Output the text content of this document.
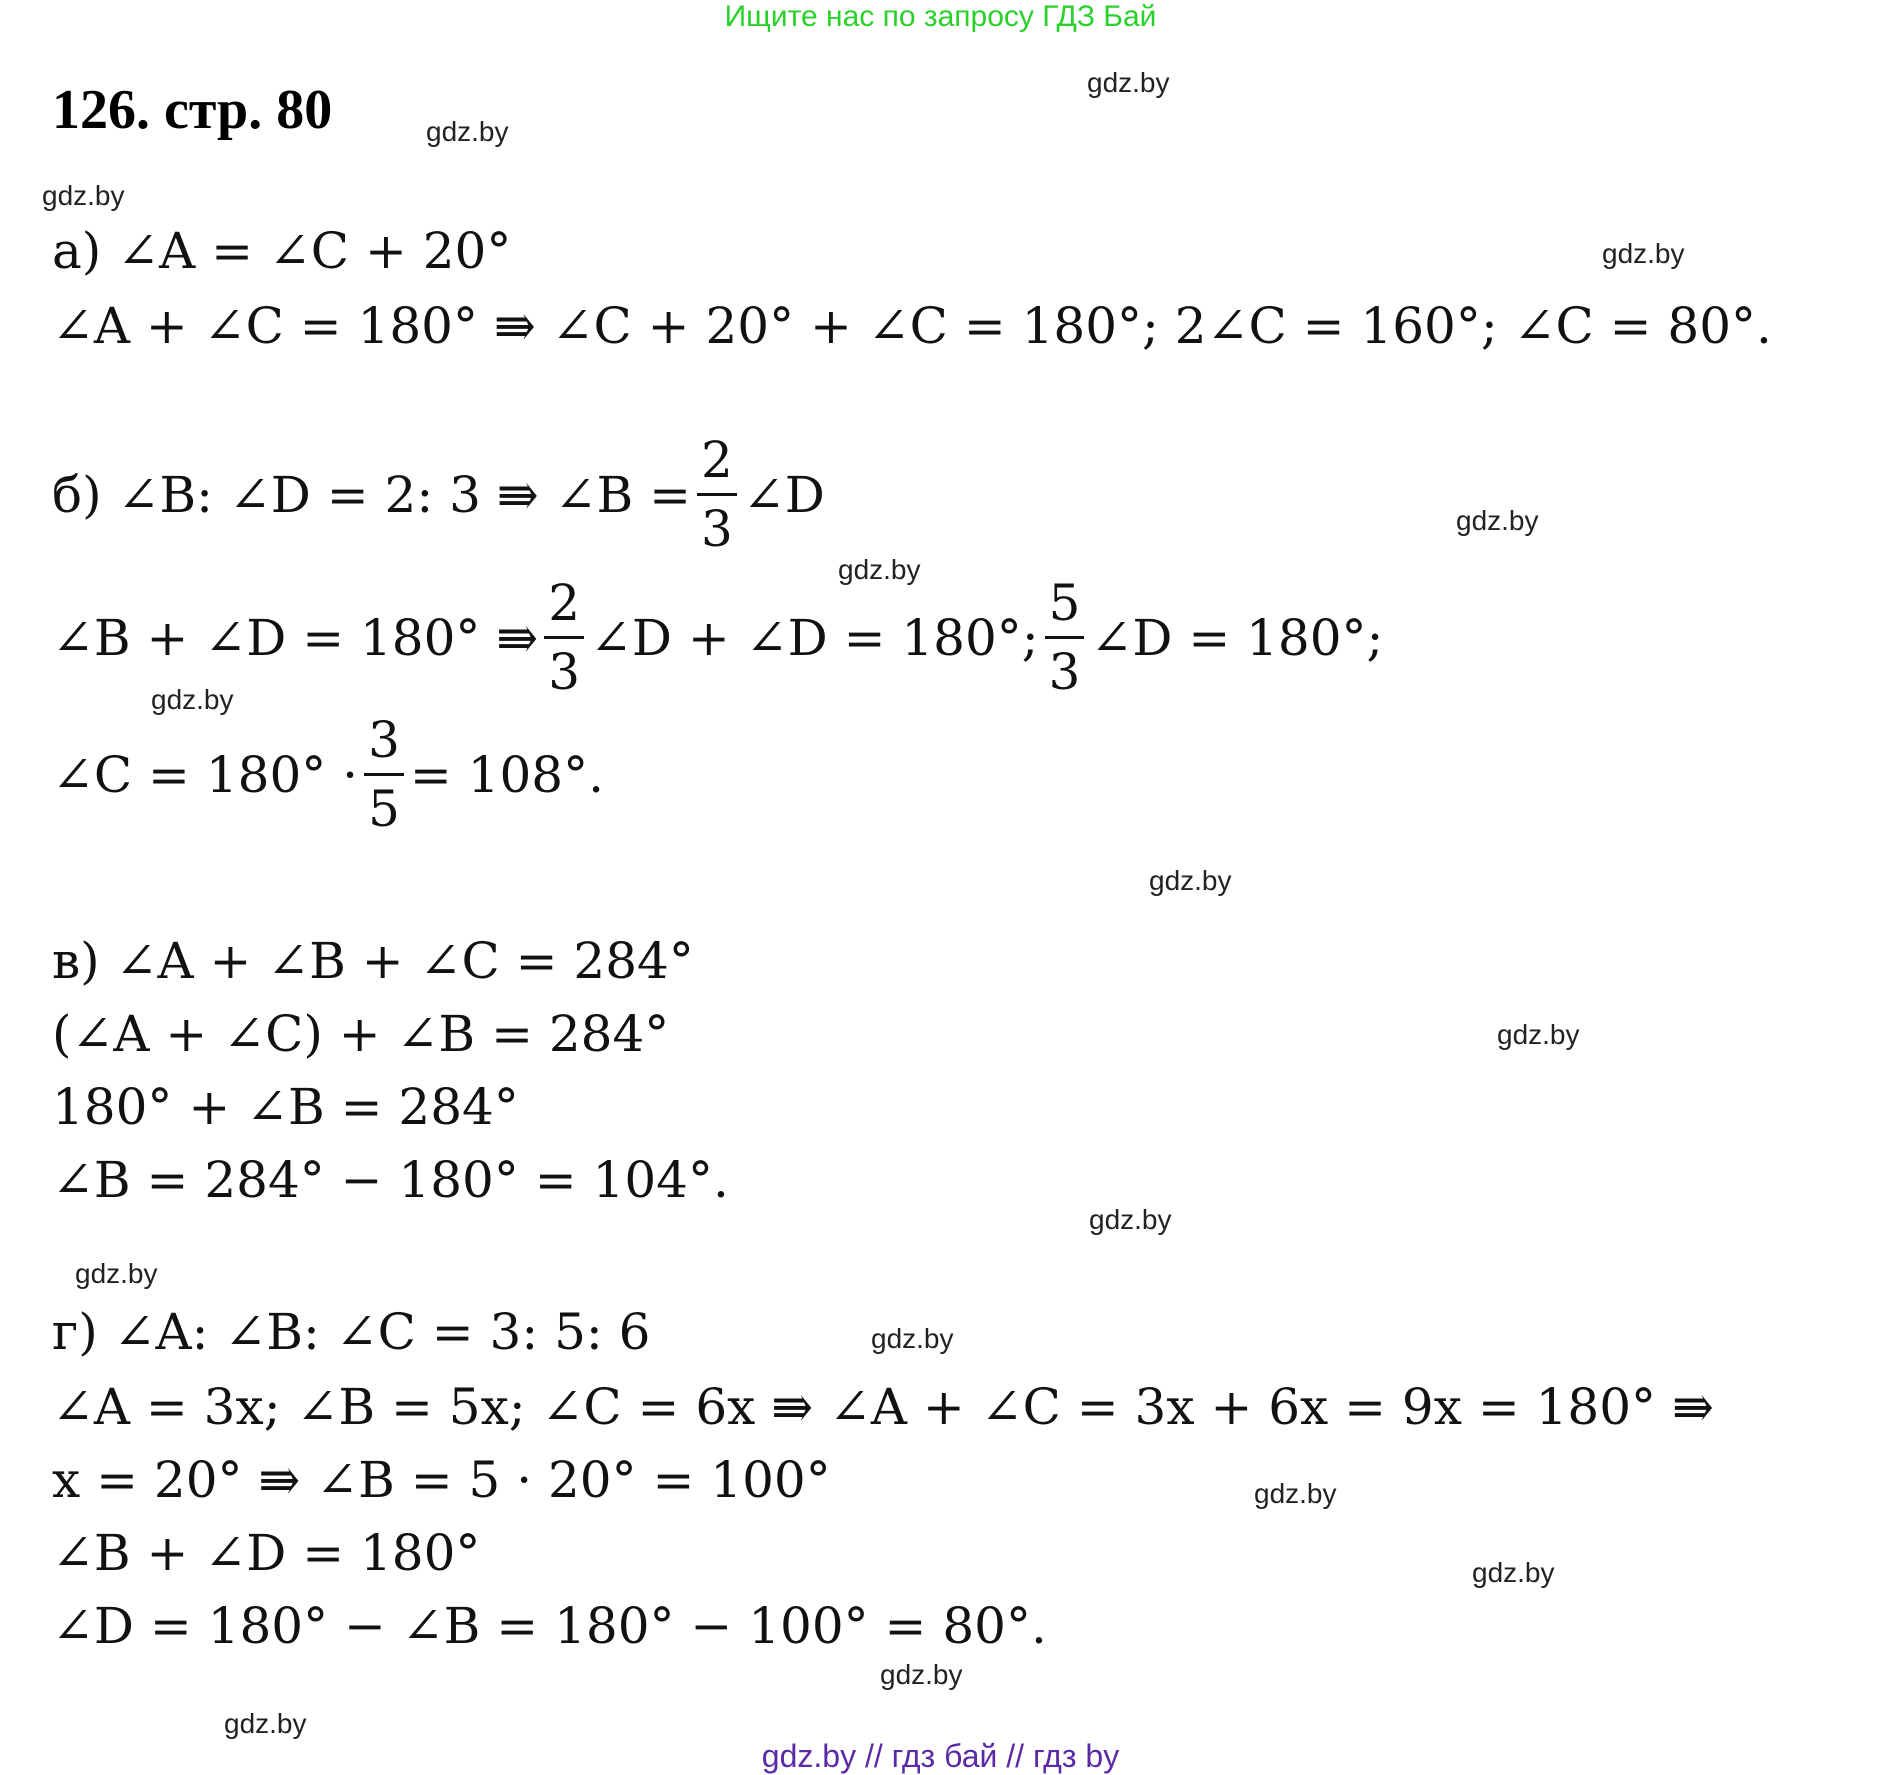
Ищите нас по запросу ГДЗ Бай
126. стр. 80	gdz.by
gdz.by
gdz.by
gdz.by
gdz.by
gdz.by
gdz.by
gdz.by
gdz.by
gdz.by
gdz.by
gdz.by
gdz.by
gdz.by
gdz.by
gdz.by
а) ∠A = ∠C + 20°
∠A + ∠C = 180° ⇛ ∠C + 20° + ∠C = 180°; 2∠C = 160°; ∠C = 80°.
б) ∠B: ∠D = 2: 3 ⇛ ∠B = $\frac{2}{3}$ ∠D
∠B + ∠D = 180° ⇛ $\frac{2}{3}$ ∠D + ∠D = 180°; $\frac{5}{3}$ ∠D = 180°;
∠C = $180^\circ \cdot \frac{3}{5} = 108^\circ$.
в) ∠A + ∠B + ∠C = 284°
(∠A + ∠C) + ∠B = 284°
180° + ∠B = 284°
∠B = 284° − 180° = 104°.
г) ∠A: ∠B: ∠C = 3: 5: 6
∠A = 3x; ∠B = 5x; ∠C = 6x ⇛ ∠A + ∠C = 3x + 6x = 9x = 180° ⇛
x = 20° ⇛ ∠B = 5 · 20° = 100°
∠B + ∠D = 180°
∠D = 180° − ∠B = 180° − 100° = 80°.
gdz.by // гдз бай // гдз by
